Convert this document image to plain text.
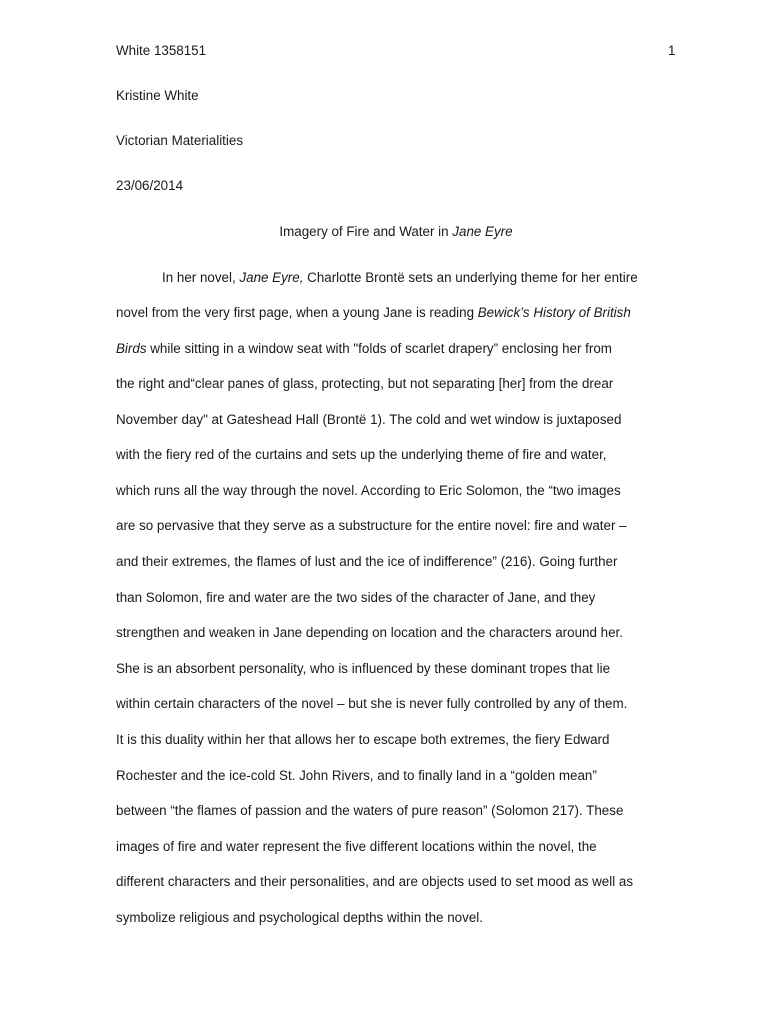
White 1358151	1
Kristine White
Victorian Materialities
23/06/2014
Imagery of Fire and Water in Jane Eyre
In her novel, Jane Eyre, Charlotte Brontë sets an underlying theme for her entire
novel from the very first page, when a young Jane is reading Bewick’s History of British
Birds while sitting in a window seat with "folds of scarlet drapery” enclosing her from
the right and“clear panes of glass, protecting, but not separating [her] from the drear
November day" at Gateshead Hall (Brontë 1). The cold and wet window is juxtaposed
with the fiery red of the curtains and sets up the underlying theme of fire and water,
which runs all the way through the novel. According to Eric Solomon, the “two images
are so pervasive that they serve as a substructure for the entire novel: fire and water –
and their extremes, the flames of lust and the ice of indifference” (216). Going further
than Solomon, fire and water are the two sides of the character of Jane, and they
strengthen and weaken in Jane depending on location and the characters around her.
She is an absorbent personality, who is influenced by these dominant tropes that lie
within certain characters of the novel – but she is never fully controlled by any of them.
It is this duality within her that allows her to escape both extremes, the fiery Edward
Rochester and the ice-cold St. John Rivers, and to finally land in a “golden mean”
between “the flames of passion and the waters of pure reason” (Solomon 217). These
images of fire and water represent the five different locations within the novel, the
different characters and their personalities, and are objects used to set mood as well as
symbolize religious and psychological depths within the novel.
